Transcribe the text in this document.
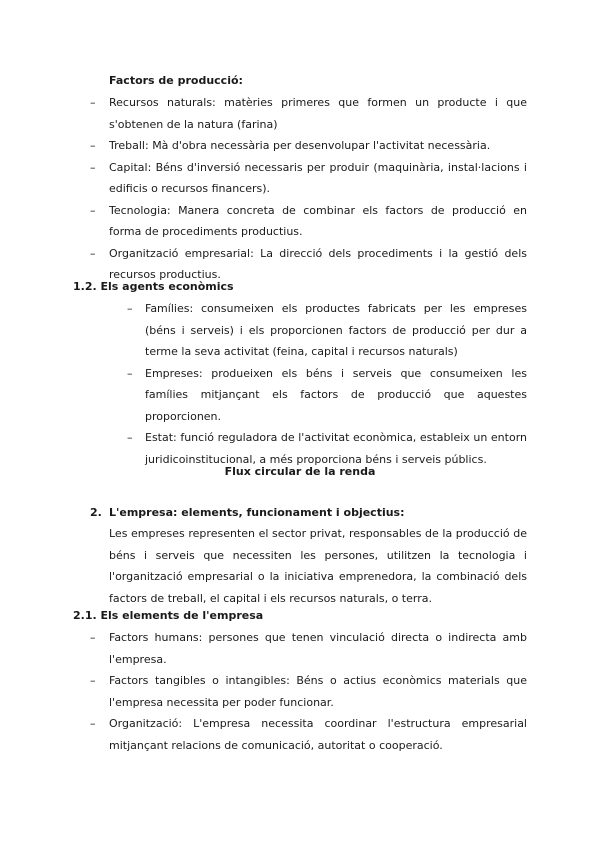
Factors de producció:
– Recursos naturals: matèries primeres que formen un producte i que s'obtenen de la natura (farina)
– Treball: Mà d'obra necessària per desenvolupar l'activitat necessària.
– Capital: Béns d'inversió necessaris per produir (maquinària, instal·lacions i edificis o recursos financers).
– Tecnologia: Manera concreta de combinar els factors de producció en forma de procediments productius.
– Organització empresarial: La direcció dels procediments i la gestió dels recursos productius.
1.2. Els agents econòmics
– Famílies: consumeixen els productes fabricats per les empreses (béns i serveis) i els proporcionen factors de producció per dur a terme la seva activitat (feina, capital i recursos naturals)
– Empreses: produeixen els béns i serveis que consumeixen les famílies mitjançant els factors de producció que aquestes proporcionen.
– Estat: funció reguladora de l'activitat econòmica, estableix un entorn juridicoinstitucional, a més proporciona béns i serveis públics.
Flux circular de la renda
2. L'empresa: elements, funcionament i objectius:

Les empreses representen el sector privat, responsables de la producció de béns i serveis que necessiten les persones, utilitzen la tecnologia i l'organització empresarial o la iniciativa emprenedora, la combinació dels factors de treball, el capital i els recursos naturals, o terra.

2.1. Els elements de l'empresa
– Factors humans: persones que tenen vinculació directa o indirecta amb l'empresa.
– Factors tangibles o intangibles: Béns o actius econòmics materials que l'empresa necessita per poder funcionar.
– Organització: L'empresa necessita coordinar l'estructura empresarial mitjançant relacions de comunicació, autoritat o cooperació.
